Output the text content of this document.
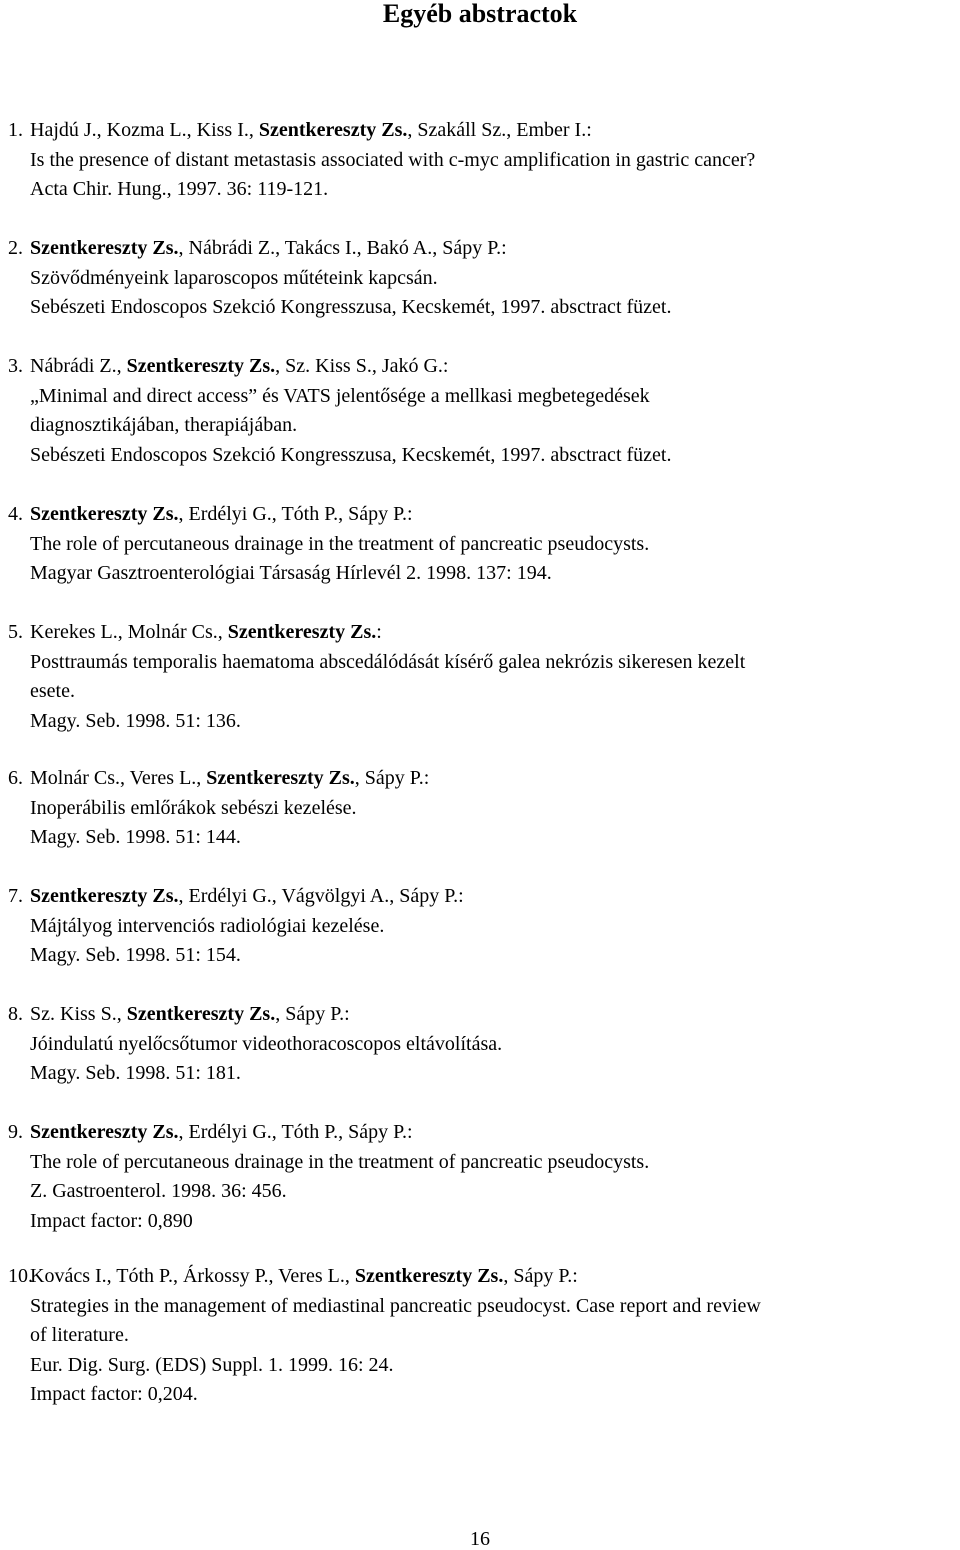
Egyéb abstractok
1. Hajdú J., Kozma L., Kiss I., Szentkereszty Zs., Szakáll Sz., Ember I.:
Is the presence of distant metastasis associated with c-myc amplification in gastric cancer?
Acta Chir. Hung., 1997. 36: 119-121.
2. Szentkereszty Zs., Nábrádi Z., Takács I., Bakó A., Sápy P.:
Szövődményeink laparoscopos műtéteink kapcsán.
Sebészeti Endoscopos Szekció Kongresszusa, Kecskemét, 1997. absctract füzet.
3. Nábrádi Z., Szentkereszty Zs., Sz. Kiss S., Jakó G.:
„Minimal and direct access” és VATS jelentősége a mellkasi megbetegedések
diagnosztikájában, therapiájában.
Sebészeti Endoscopos Szekció Kongresszusa, Kecskemét, 1997. absctract füzet.
4. Szentkereszty Zs., Erdélyi G., Tóth P., Sápy P.:
The role of percutaneous drainage in the treatment of pancreatic pseudocysts.
Magyar Gasztroenterológiai Társaság Hírlevél 2. 1998. 137: 194.
5. Kerekes L., Molnár Cs., Szentkereszty Zs.:
Posttraumás temporalis haematoma abscedálódását kísérő galea nekrózis sikeresen kezelt
esete.
Magy. Seb. 1998. 51: 136.
6. Molnár Cs., Veres L., Szentkereszty Zs., Sápy P.:
Inoperábilis emlőrákok sebészi kezelése.
Magy. Seb. 1998. 51: 144.
7. Szentkereszty Zs., Erdélyi G., Vágvölgyi A., Sápy P.:
Májtályog intervenciós radiológiai kezelése.
Magy. Seb. 1998. 51: 154.
8. Sz. Kiss S., Szentkereszty Zs., Sápy P.:
Jóindulatú nyelőcsőtumor videothoracoscopos eltávolítása.
Magy. Seb. 1998. 51: 181.
9. Szentkereszty Zs., Erdélyi G., Tóth P., Sápy P.:
The role of percutaneous drainage in the treatment of pancreatic pseudocysts.
Z. Gastroenterol. 1998. 36: 456.
Impact factor: 0,890
10.
Kovács I., Tóth P., Árkossy P., Veres L., Szentkereszty Zs., Sápy P.:
Strategies in the management of mediastinal pancreatic pseudocyst. Case report and review
of literature.
Eur. Dig. Surg. (EDS) Suppl. 1. 1999. 16: 24.
Impact factor: 0,204.
16
